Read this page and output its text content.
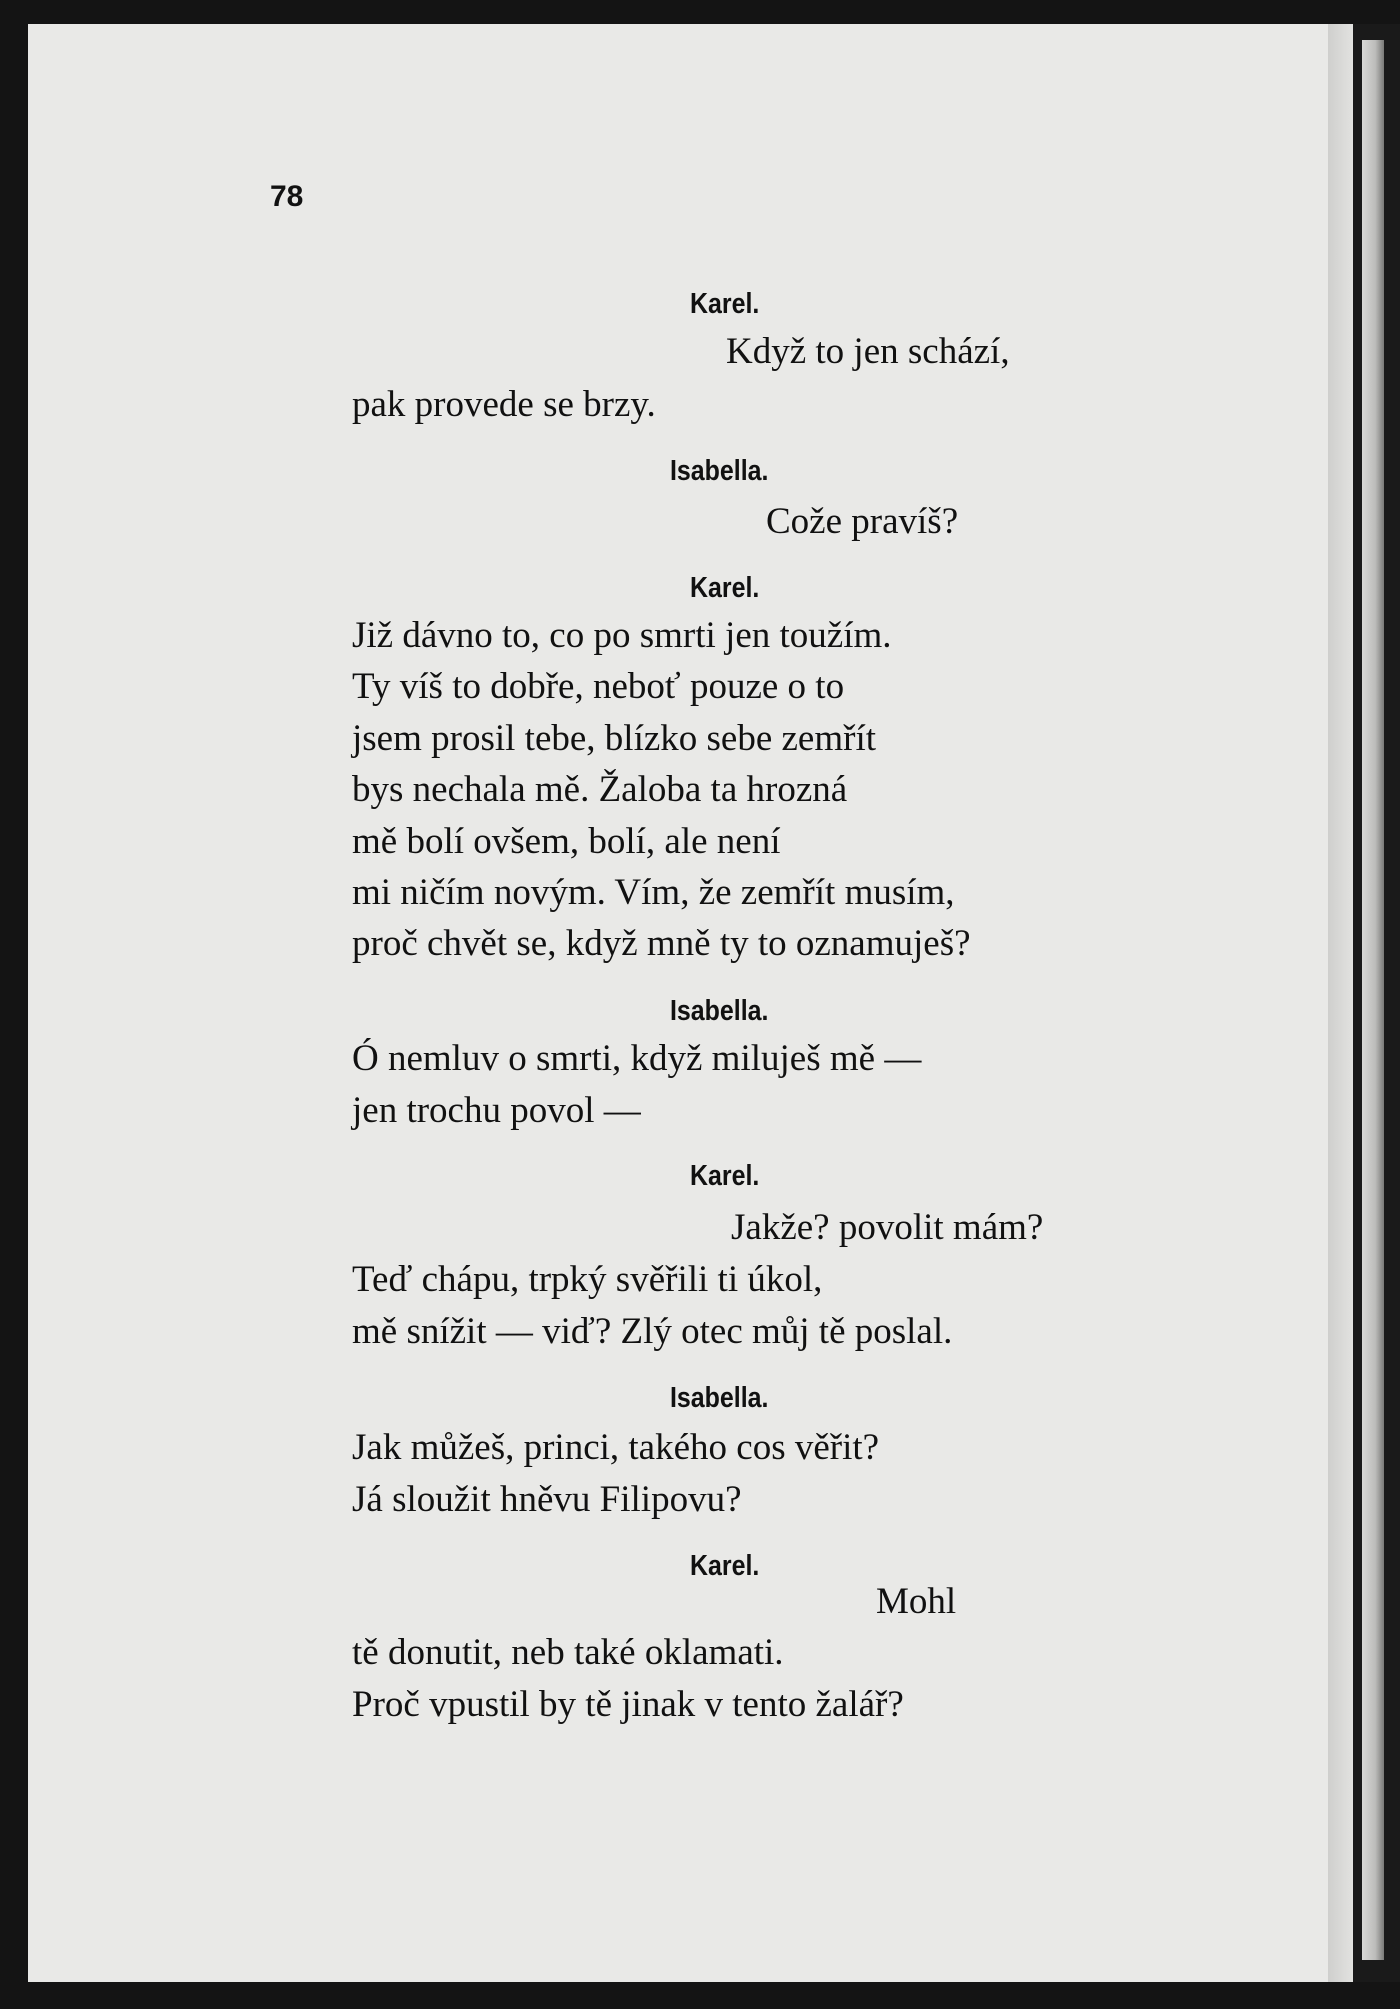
78
Karel.
Když to jen schází,
pak provede se brzy.
Isabella.
Cože pravíš?
Karel.
Již dávno to, co po smrti jen toužím.
Ty víš to dobře, neboť pouze o to
jsem prosil tebe, blízko sebe zemřít
bys nechala mě. Žaloba ta hrozná
mě bolí ovšem, bolí, ale není
mi ničím novým. Vím, že zemřít musím,
proč chvět se, když mně ty to oznamuješ?
Isabella.
Ó nemluv o smrti, když miluješ mě —
jen trochu povol —
Karel.
Jakže? povolit mám?
Teď chápu, trpký svěřili ti úkol,
mě snížit — viď? Zlý otec můj tě poslal.
Isabella.
Jak můžeš, princi, takého cos věřit?
Já sloužit hněvu Filipovu?
Karel.
Mohl
tě donutit, neb také oklamati.
Proč vpustil by tě jinak v tento žalář?
